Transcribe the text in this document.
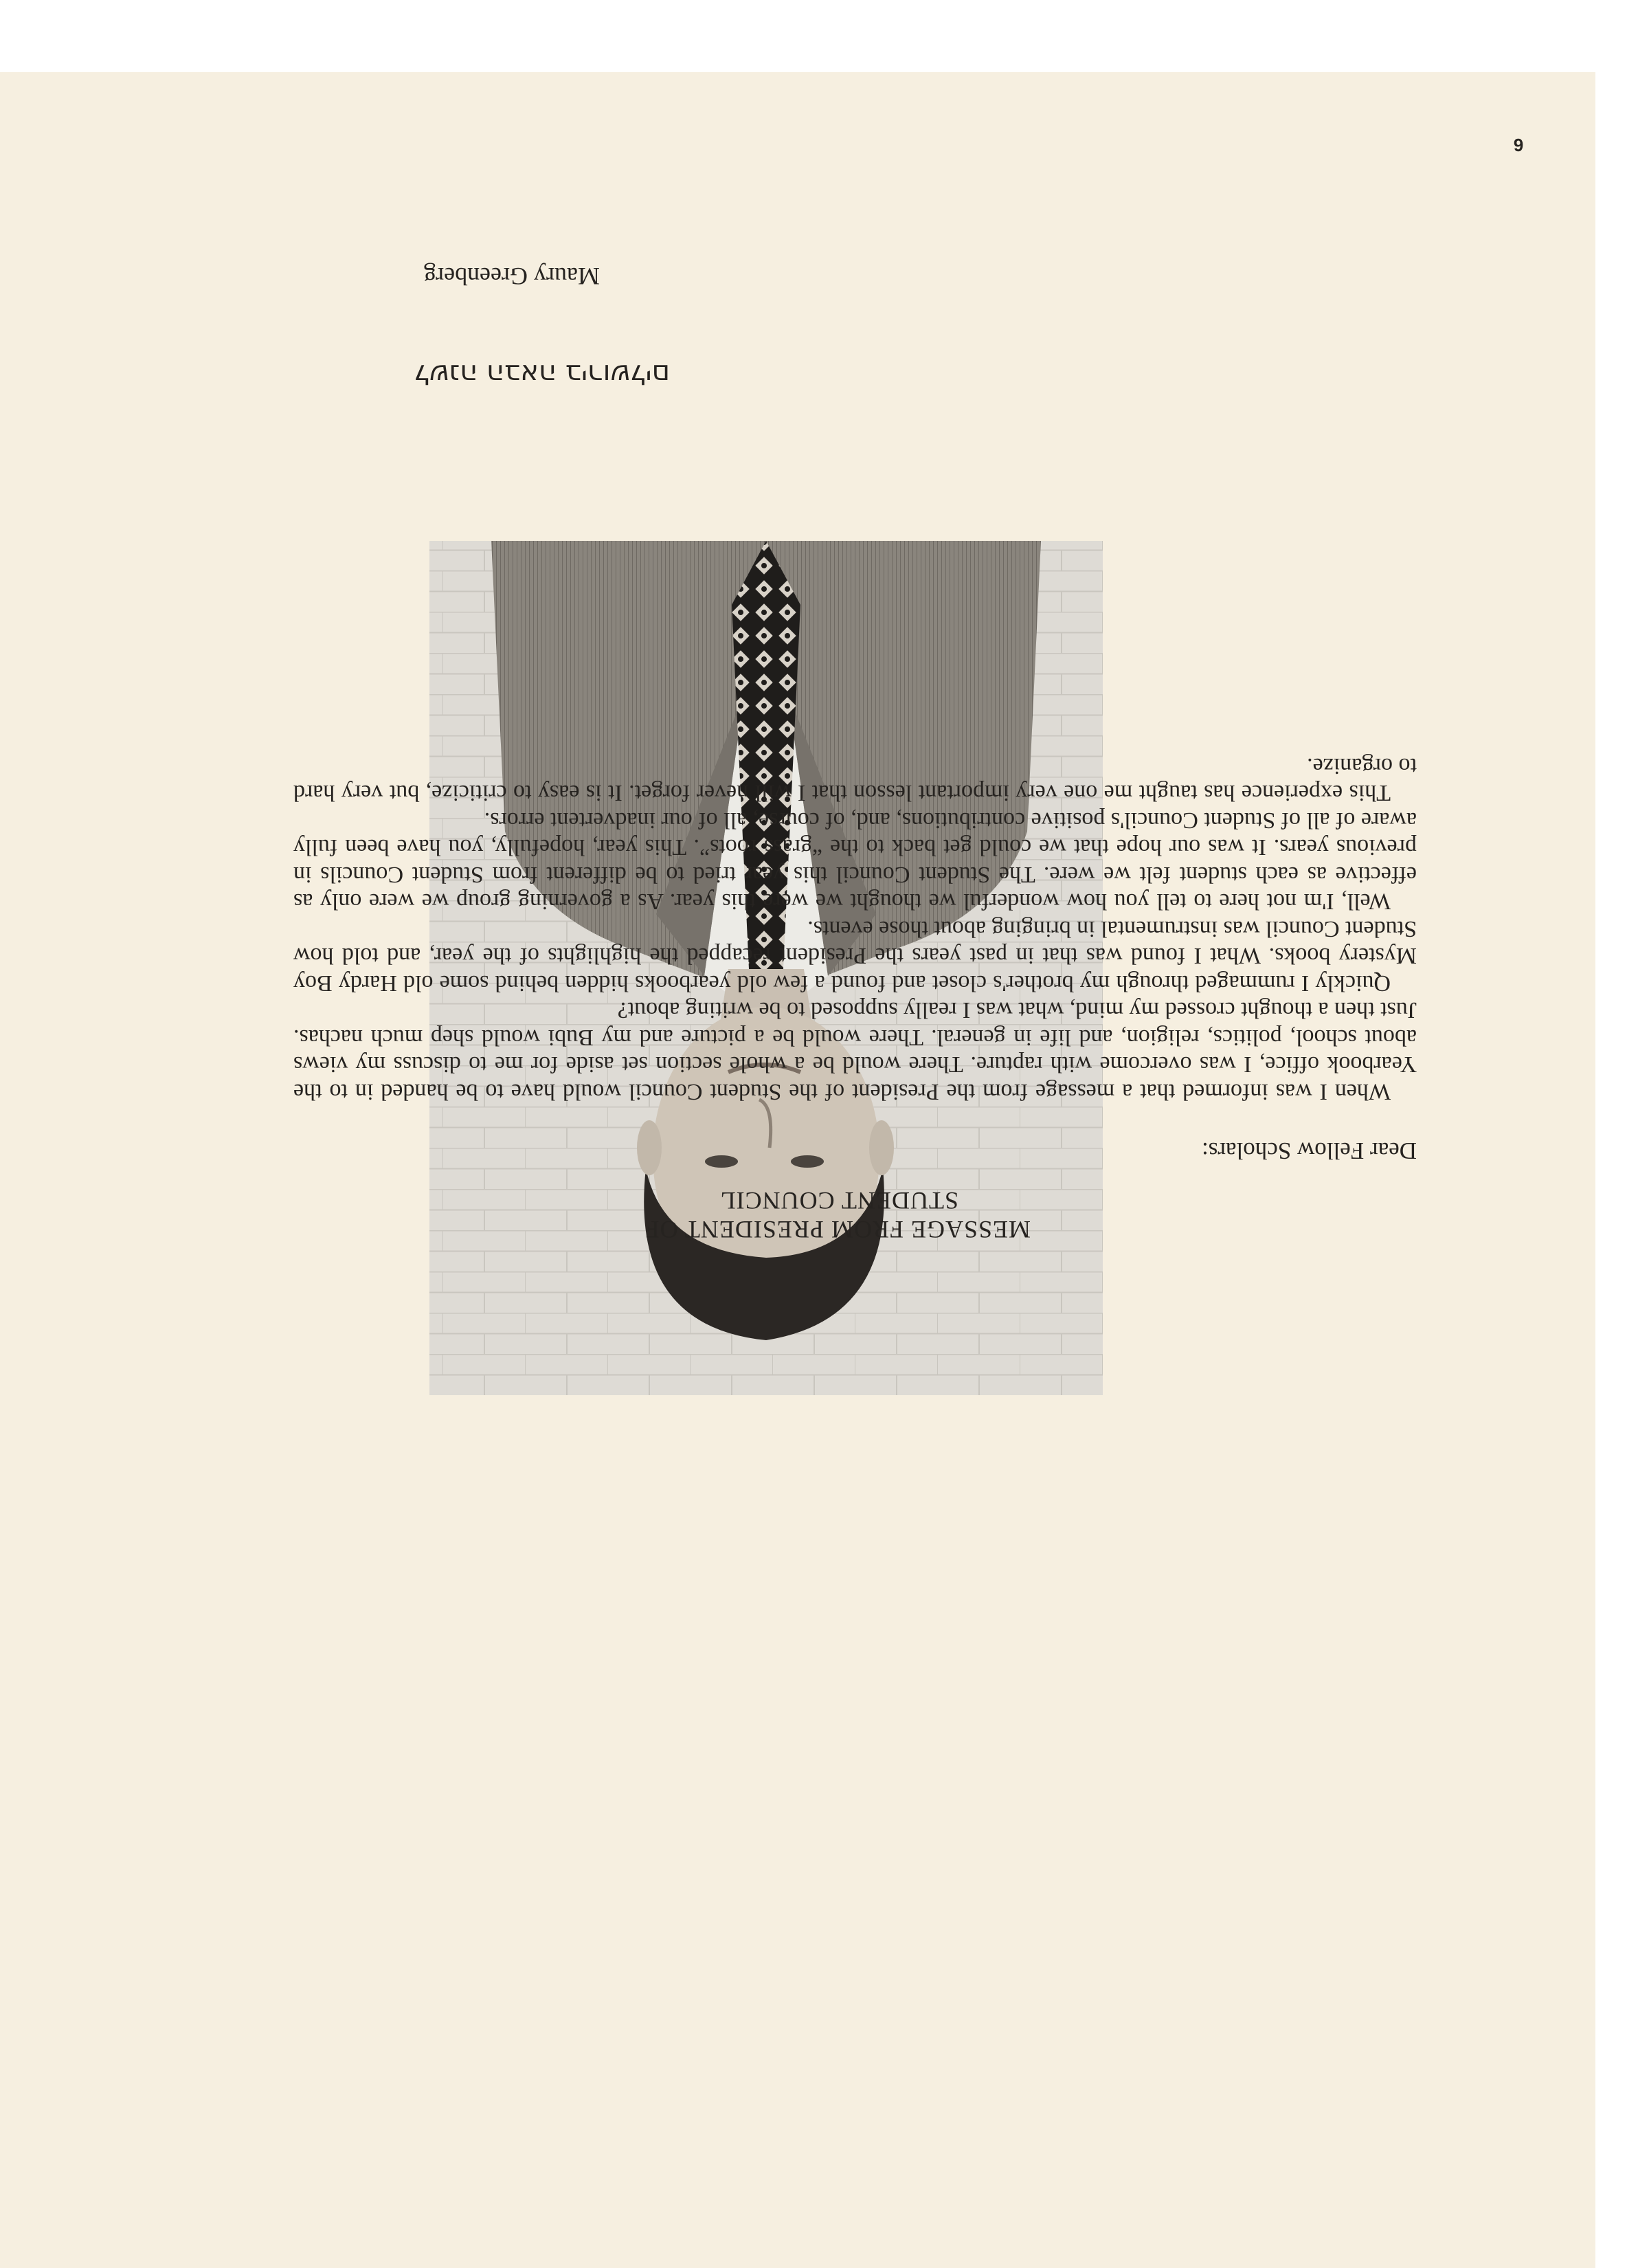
6
MESSAGE FROM PRESIDENT OF
STUDENT COUNCIL
Dear Fellow Scholars:

When I was informed that a message from the President of the Student Council would have to be handed in to the Yearbook office, I was overcome with rapture. There would be a whole section set aside for me to discuss my views about school, politics, religion, and life in general. There would be a picture and my Bubi would shep much nachas. Just then a thought crossed my mind, what was I really supposed to be writing about?

Quickly I rummaged through my brother's closet and found a few old yearbooks hidden behind some old Hardy Boy Mystery books. What I found was that in past years the President recapped the highlights of the year, and told how Student Council was instrumental in bringing about those events.

Well, I'm not here to tell you how wonderful we thought we were this year. As a governing group we were only as effective as each student felt we were. The Student Council this year tried to be different from Student Councils in previous years. It was our hope that we could get back to the “grass roots”. This year, hopefully, you have been fully aware of all of Student Council's positive contributions, and, of course, all of our inadvertent errors.

This experience has taught me one very important lesson that I will never forget. It is easy to criticize, but very hard to organize.

לשנה הבאה בירושלים
Maury Greenberg
